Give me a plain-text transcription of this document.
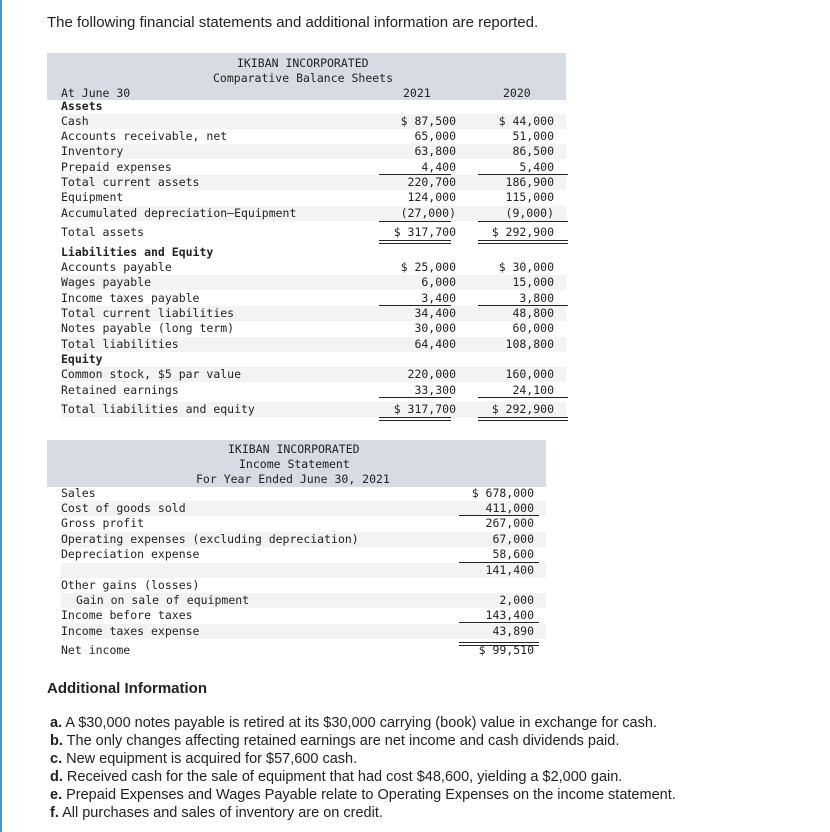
The following financial statements and additional information are reported.
IKIBAN INCORPORATED
Comparative Balance Sheets
At June 30	2021	2020
Assets
Cash	$ 87,500	$ 44,000
Accounts receivable, net	65,000	51,000
Inventory	63,800	86,500
Prepaid expenses	4,400	5,400
Total current assets	220,700	186,900
Equipment	124,000	115,000
Accumulated depreciation—Equipment	(27,000)	(9,000)
Total assets	$ 317,700	$ 292,900
Liabilities and Equity
Accounts payable	$ 25,000	$ 30,000
Wages payable	6,000	15,000
Income taxes payable	3,400	3,800
Total current liabilities	34,400	48,800
Notes payable (long term)	30,000	60,000
Total liabilities	64,400	108,800
Equity
Common stock, $5 par value	220,000	160,000
Retained earnings	33,300	24,100
Total liabilities and equity	$ 317,700	$ 292,900
IKIBAN INCORPORATED
Income Statement
For Year Ended June 30, 2021
Sales	$ 678,000
Cost of goods sold	411,000
Gross profit	267,000
Operating expenses (excluding depreciation)	67,000
Depreciation expense	58,600
141,400
Other gains (losses)
Gain on sale of equipment	2,000
Income before taxes	143,400
Income taxes expense	43,890
Net income	$ 99,510
Additional Information
a. A $30,000 notes payable is retired at its $30,000 carrying (book) value in exchange for cash.
b. The only changes affecting retained earnings are net income and cash dividends paid.
c. New equipment is acquired for $57,600 cash.
d. Received cash for the sale of equipment that had cost $48,600, yielding a $2,000 gain.
e. Prepaid Expenses and Wages Payable relate to Operating Expenses on the income statement.
f. All purchases and sales of inventory are on credit.
